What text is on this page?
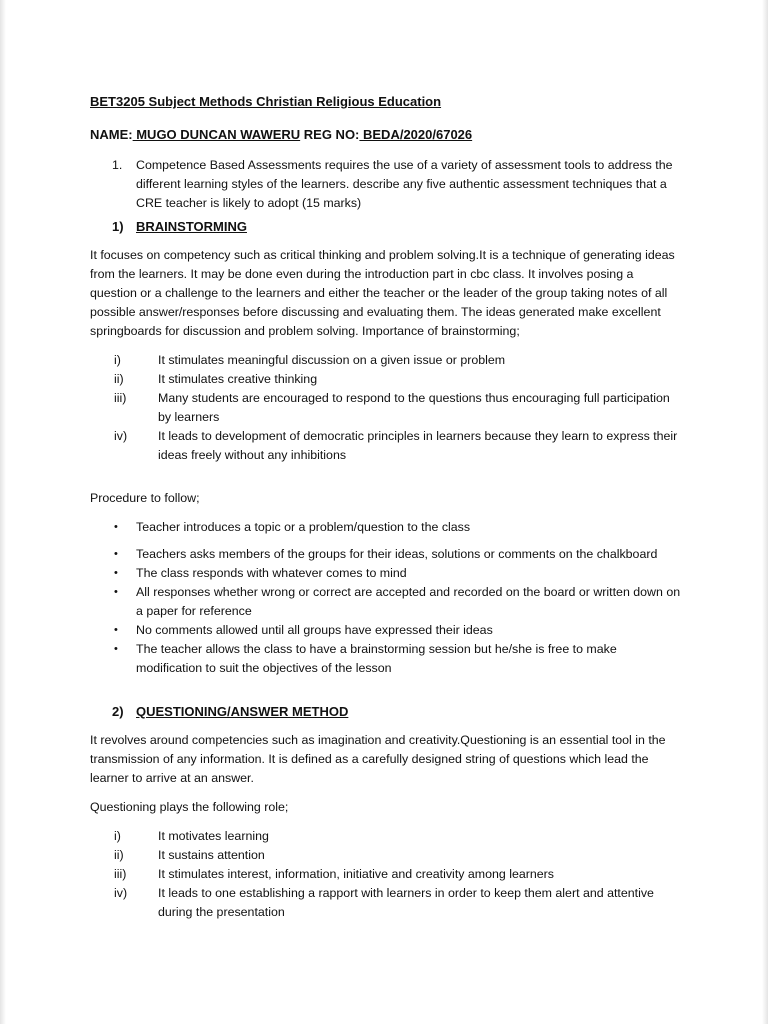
BET3205 Subject Methods Christian Religious Education
NAME: MUGO DUNCAN WAWERU REG NO: BEDA/2020/67026
1.	Competence Based Assessments requires the use of a variety of assessment tools to address the different learning styles of the learners. describe any five authentic assessment techniques that a CRE teacher is likely to adopt (15 marks)
1) BRAINSTORMING

It focuses on competency such as critical thinking and problem solving.It is a technique of generating ideas from the learners. It may be done even during the introduction part in cbc class. It involves posing a question or a challenge to the learners and either the teacher or the leader of the group taking notes of all possible answer/responses before discussing and evaluating them. The ideas generated make excellent springboards for discussion and problem solving. Importance of brainstorming;

i)	It stimulates meaningful discussion on a given issue or problem
ii)	It stimulates creative thinking
iii)	Many students are encouraged to respond to the questions thus encouraging full participation by learners
iv)	It leads to development of democratic principles in learners because they learn to express their ideas freely without any inhibitions

Procedure to follow;

•	Teacher introduces a topic or a problem/question to the class
•	Teachers asks members of the groups for their ideas, solutions or comments on the chalkboard
•	The class responds with whatever comes to mind
•	All responses whether wrong or correct are accepted and recorded on the board or written down on a paper for reference
•	No comments allowed until all groups have expressed their ideas
•	The teacher allows the class to have a brainstorming session but he/she is free to make modification to suit the objectives of the lesson
2) QUESTIONING/ANSWER METHOD

It revolves around competencies such as imagination and creativity.Questioning is an essential tool in the transmission of any information. It is defined as a carefully designed string of questions which lead the learner to arrive at an answer.

Questioning plays the following role;

i)	It motivates learning
ii)	It sustains attention
iii)	It stimulates interest, information, initiative and creativity among learners
iv)	It leads to one establishing a rapport with learners in order to keep them alert and attentive during the presentation
